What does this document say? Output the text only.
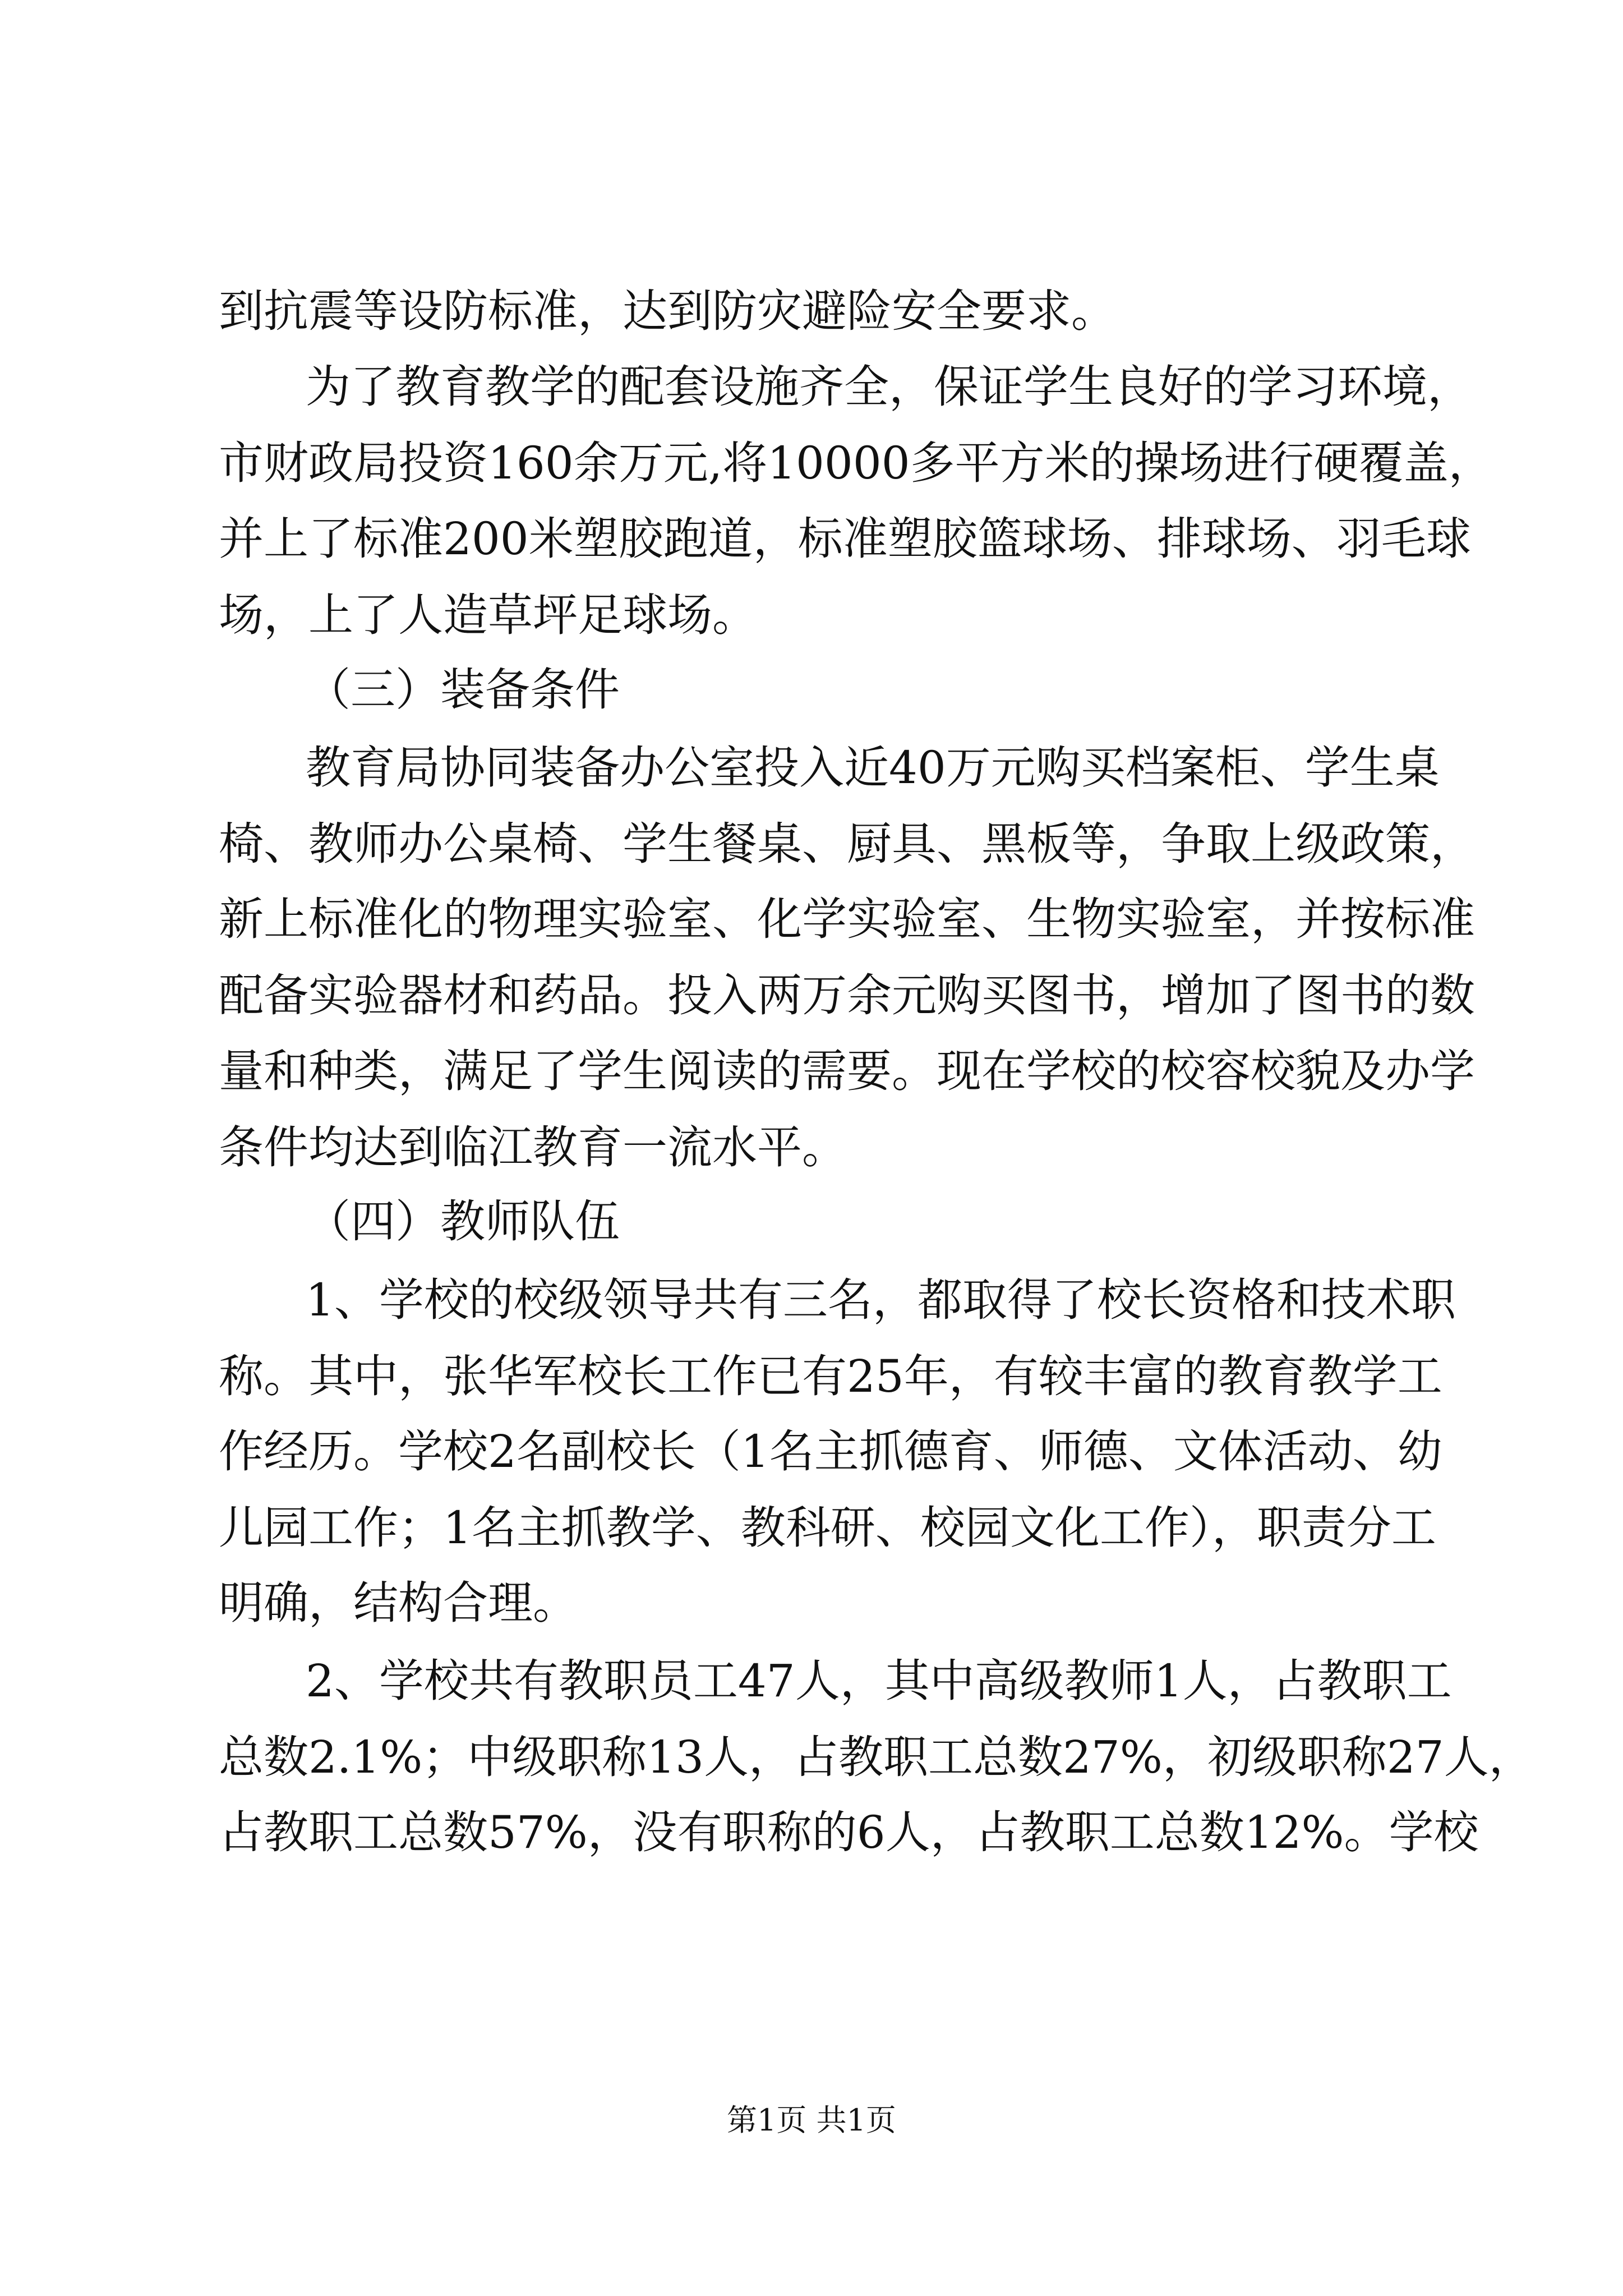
到抗震等设防标准，达到防灾避险安全要求。
为了教育教学的配套设施齐全，保证学生良好的学习环境，
市财政局投资160余万元,将10000多平方米的操场进行硬覆盖，
并上了标准200米塑胶跑道，标准塑胶篮球场、排球场、羽毛球
场，上了人造草坪足球场。
（三）装备条件
教育局协同装备办公室投入近40万元购买档案柜、学生桌
椅、教师办公桌椅、学生餐桌、厨具、黑板等，争取上级政策，
新上标准化的物理实验室、化学实验室、生物实验室，并按标准
配备实验器材和药品。投入两万余元购买图书，增加了图书的数
量和种类，满足了学生阅读的需要。现在学校的校容校貌及办学
条件均达到临江教育一流水平。
（四）教师队伍
1、学校的校级领导共有三名，都取得了校长资格和技术职
称。其中，张华军校长工作已有25年，有较丰富的教育教学工
作经历。学校2名副校长（1名主抓德育、师德、文体活动、幼
儿园工作；1名主抓教学、教科研、校园文化工作），职责分工
明确，结构合理。
2、学校共有教职员工47人，其中高级教师1人，占教职工
总数2.1%；中级职称13人，占教职工总数27%，初级职称27人，
占教职工总数57%，没有职称的6人，占教职工总数12%。学校
第1页 共1页
